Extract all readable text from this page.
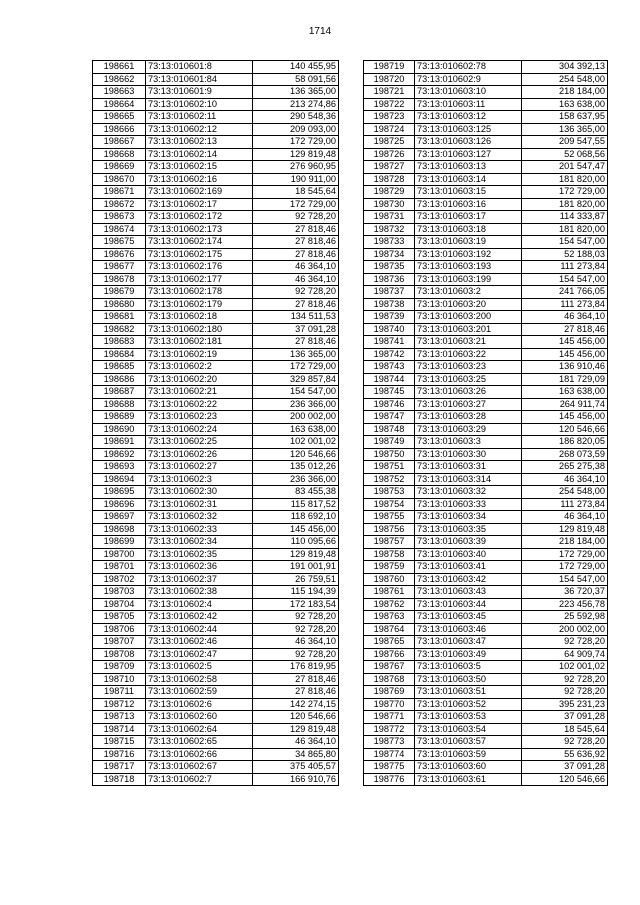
1714
198661	73:13:010601:8	140 455,95
198662	73:13:010601:84	58 091,56
198663	73:13:010601:9	136 365,00
198664	73:13:010602:10	213 274,86
198665	73:13:010602:11	290 548,36
198666	73:13:010602:12	209 093,00
198667	73:13:010602:13	172 729,00
198668	73:13:010602:14	129 819,48
198669	73:13:010602:15	276 960,95
198670	73:13:010602:16	190 911,00
198671	73:13:010602:169	18 545,64
198672	73:13:010602:17	172 729,00
198673	73:13:010602:172	92 728,20
198674	73:13:010602:173	27 818,46
198675	73:13:010602:174	27 818,46
198676	73:13:010602:175	27 818,46
198677	73:13:010602:176	46 364,10
198678	73:13:010602:177	46 364,10
198679	73:13:010602:178	92 728,20
198680	73:13:010602:179	27 818,46
198681	73:13:010602:18	134 511,53
198682	73:13:010602:180	37 091,28
198683	73:13:010602:181	27 818,46
198684	73:13:010602:19	136 365,00
198685	73:13:010602:2	172 729,00
198686	73:13:010602:20	329 857,84
198687	73:13:010602:21	154 547,00
198688	73:13:010602:22	236 366,00
198689	73:13:010602:23	200 002,00
198690	73:13:010602:24	163 638,00
198691	73:13:010602:25	102 001,02
198692	73:13:010602:26	120 546,66
198693	73:13:010602:27	135 012,26
198694	73:13:010602:3	236 366,00
198695	73:13:010602:30	83 455,38
198696	73:13:010602:31	115 817,52
198697	73:13:010602:32	118 692,10
198698	73:13:010602:33	145 456,00
198699	73:13:010602:34	110 095,66
198700	73:13:010602:35	129 819,48
198701	73:13:010602:36	191 001,91
198702	73:13:010602:37	26 759,51
198703	73:13:010602:38	115 194,39
198704	73:13:010602:4	172 183,54
198705	73:13:010602:42	92 728,20
198706	73:13:010602:44	92 728,20
198707	73:13:010602:46	46 364,10
198708	73:13:010602:47	92 728,20
198709	73:13:010602:5	176 819,95
198710	73:13:010602:58	27 818,46
198711	73:13:010602:59	27 818,46
198712	73:13:010602:6	142 274,15
198713	73:13:010602:60	120 546,66
198714	73:13:010602:64	129 819,48
198715	73:13:010602:65	46 364,10
198716	73:13:010602:66	34 865,80
198717	73:13:010602:67	375 405,57
198718	73:13:010602:7	166 910,76
198719	73:13:010602:78	304 392,13
198720	73:13:010602:9	254 548,00
198721	73:13:010603:10	218 184,00
198722	73:13:010603:11	163 638,00
198723	73:13:010603:12	158 637,95
198724	73:13:010603:125	136 365,00
198725	73:13:010603:126	209 547,55
198726	73:13:010603:127	52 068,56
198727	73:13:010603:13	201 547,47
198728	73:13:010603:14	181 820,00
198729	73:13:010603:15	172 729,00
198730	73:13:010603:16	181 820,00
198731	73:13:010603:17	114 333,87
198732	73:13:010603:18	181 820,00
198733	73:13:010603:19	154 547,00
198734	73:13:010603:192	52 188,03
198735	73:13:010603:193	111 273,84
198736	73:13:010603:199	154 547,00
198737	73:13:010603:2	241 766,05
198738	73:13:010603:20	111 273,84
198739	73:13:010603:200	46 364,10
198740	73:13:010603:201	27 818,46
198741	73:13:010603:21	145 456,00
198742	73:13:010603:22	145 456,00
198743	73:13:010603:23	136 910,46
198744	73:13:010603:25	181 729,09
198745	73:13:010603:26	163 638,00
198746	73:13:010603:27	264 911,74
198747	73:13:010603:28	145 456,00
198748	73:13:010603:29	120 546,66
198749	73:13:010603:3	186 820,05
198750	73:13:010603:30	268 073,59
198751	73:13:010603:31	265 275,38
198752	73:13:010603:314	46 364,10
198753	73:13:010603:32	254 548,00
198754	73:13:010603:33	111 273,84
198755	73:13:010603:34	46 364,10
198756	73:13:010603:35	129 819,48
198757	73:13:010603:39	218 184,00
198758	73:13:010603:40	172 729,00
198759	73:13:010603:41	172 729,00
198760	73:13:010603:42	154 547,00
198761	73:13:010603:43	36 720,37
198762	73:13:010603:44	223 456,78
198763	73:13:010603:45	25 592,98
198764	73:13:010603:46	200 002,00
198765	73:13:010603:47	92 728,20
198766	73:13:010603:49	64 909,74
198767	73:13:010603:5	102 001,02
198768	73:13:010603:50	92 728,20
198769	73:13:010603:51	92 728,20
198770	73:13:010603:52	395 231,23
198771	73:13:010603:53	37 091,28
198772	73:13:010603:54	18 545,64
198773	73:13:010603:57	92 728,20
198774	73:13:010603:59	55 636,92
198775	73:13:010603:60	37 091,28
198776	73:13:010603:61	120 546,66
